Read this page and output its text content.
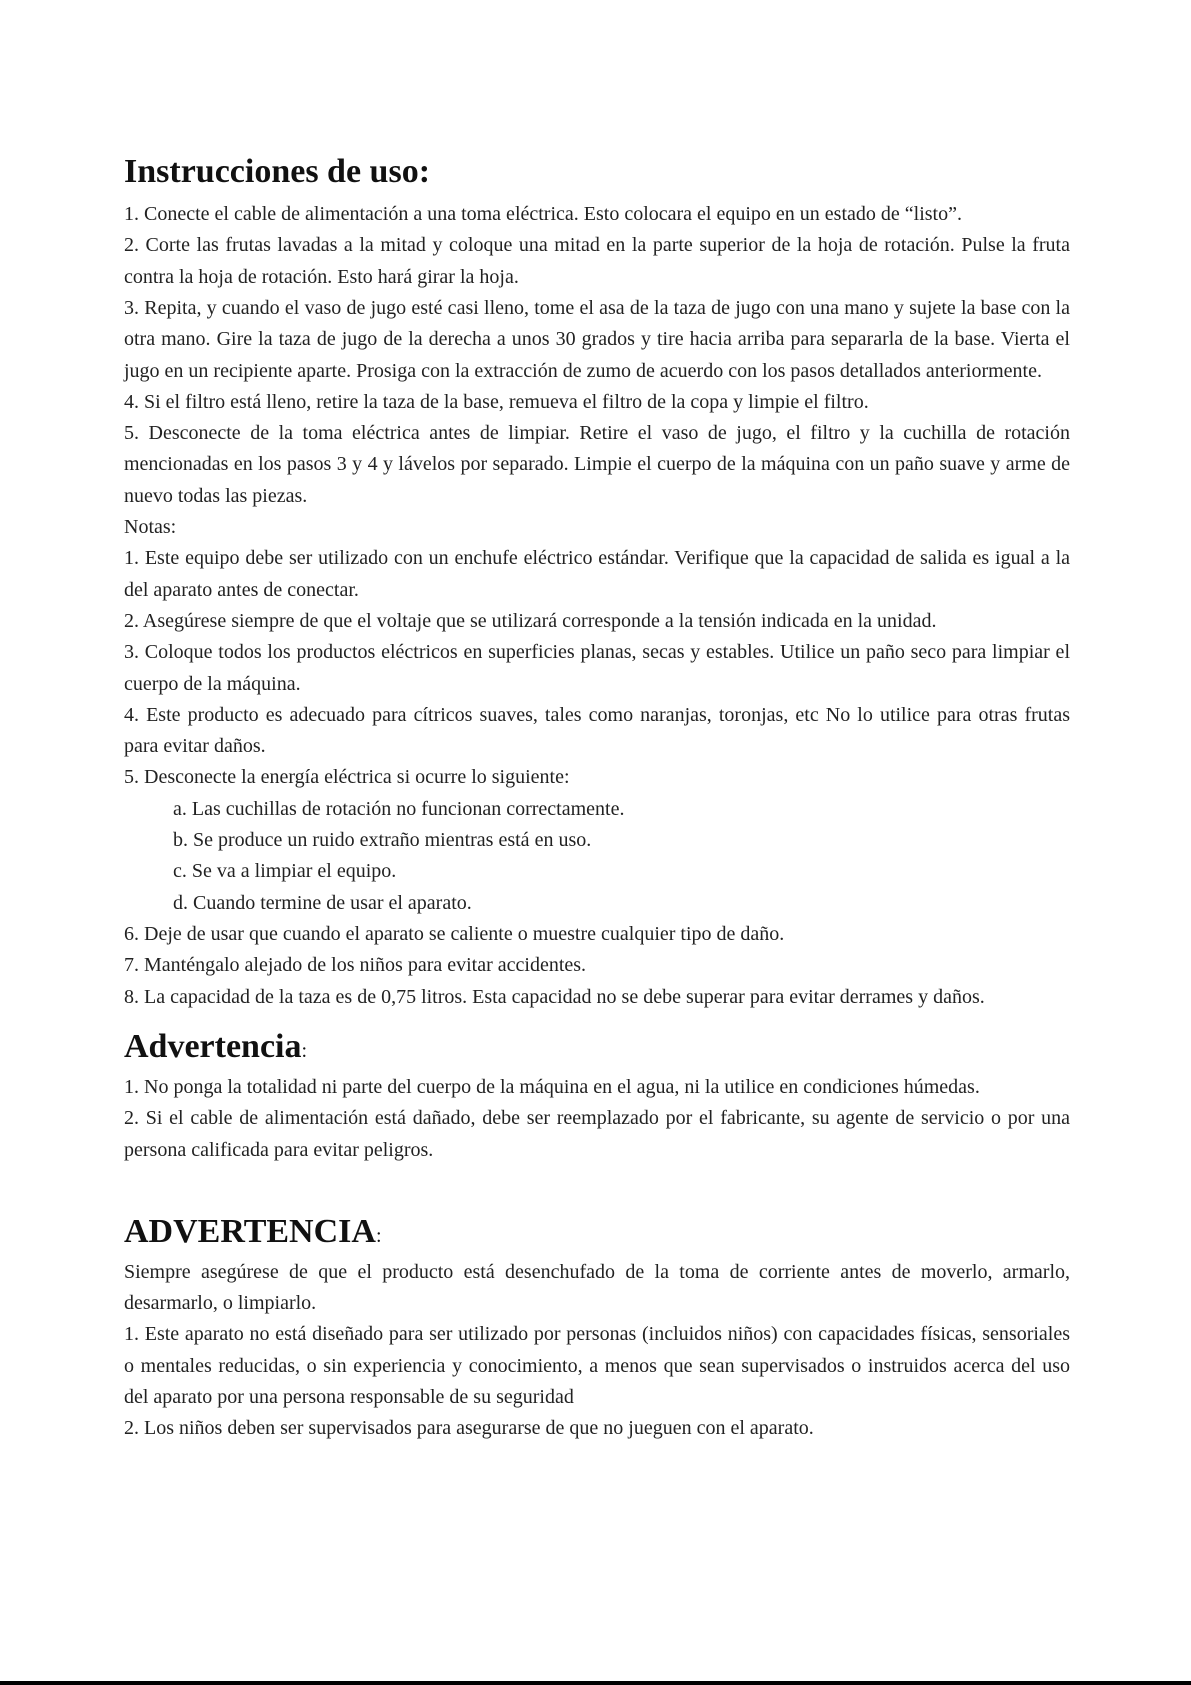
Instrucciones de uso:

1. Conecte el cable de alimentación a una toma eléctrica. Esto colocara el equipo en un estado de “listo”.

2. Corte las frutas lavadas a la mitad y coloque una mitad en la parte superior de la hoja de rotación. Pulse la fruta contra la hoja de rotación. Esto hará girar la hoja.

3. Repita, y cuando el vaso de jugo esté casi lleno, tome el asa de la taza de jugo con una mano y sujete la base con la otra mano. Gire la taza de jugo de la derecha a unos 30 grados y tire hacia arriba para separarla de la base. Vierta el jugo en un recipiente aparte. Prosiga con la extracción de zumo de acuerdo con los pasos detallados anteriormente.

4. Si el filtro está lleno, retire la taza de la base, remueva el filtro de la copa y limpie el filtro.

5. Desconecte de la toma eléctrica antes de limpiar. Retire el vaso de jugo, el filtro y la cuchilla de rotación mencionadas en los pasos 3 y 4 y lávelos por separado. Limpie el cuerpo de la máquina con un paño suave y arme de nuevo todas las piezas.

Notas:

1. Este equipo debe ser utilizado con un enchufe eléctrico estándar. Verifique que la capacidad de salida es igual a la del aparato antes de conectar.

2. Asegúrese siempre de que el voltaje que se utilizará corresponde a la tensión indicada en la unidad.

3. Coloque todos los productos eléctricos en superficies planas, secas y estables. Utilice un paño seco para limpiar el cuerpo de la máquina.

4. Este producto es adecuado para cítricos suaves, tales como naranjas, toronjas, etc No lo utilice para otras frutas para evitar daños.

5. Desconecte la energía eléctrica si ocurre lo siguiente:

a. Las cuchillas de rotación no funcionan correctamente.

b. Se produce un ruido extraño mientras está en uso.

c. Se va a limpiar el equipo.

d. Cuando termine de usar el aparato.

6. Deje de usar que cuando el aparato se caliente o muestre cualquier tipo de daño.

7. Manténgalo alejado de los niños para evitar accidentes.

8. La capacidad de la taza es de 0,75 litros. Esta capacidad no se debe superar para evitar derrames y daños.

Advertencia:

1. No ponga la totalidad ni parte del cuerpo de la máquina en el agua, ni la utilice en condiciones húmedas.

2. Si el cable de alimentación está dañado, debe ser reemplazado por el fabricante, su agente de servicio o por una persona calificada para evitar peligros.

ADVERTENCIA:

Siempre asegúrese de que el producto está desenchufado de la toma de corriente antes de moverlo, armarlo, desarmarlo, o limpiarlo.

1. Este aparato no está diseñado para ser utilizado por personas (incluidos niños) con capacidades físicas, sensoriales o mentales reducidas, o sin experiencia y conocimiento, a menos que sean supervisados o instruidos acerca del uso del aparato por una persona responsable de su seguridad

2. Los niños deben ser supervisados para asegurarse de que no jueguen con el aparato.
